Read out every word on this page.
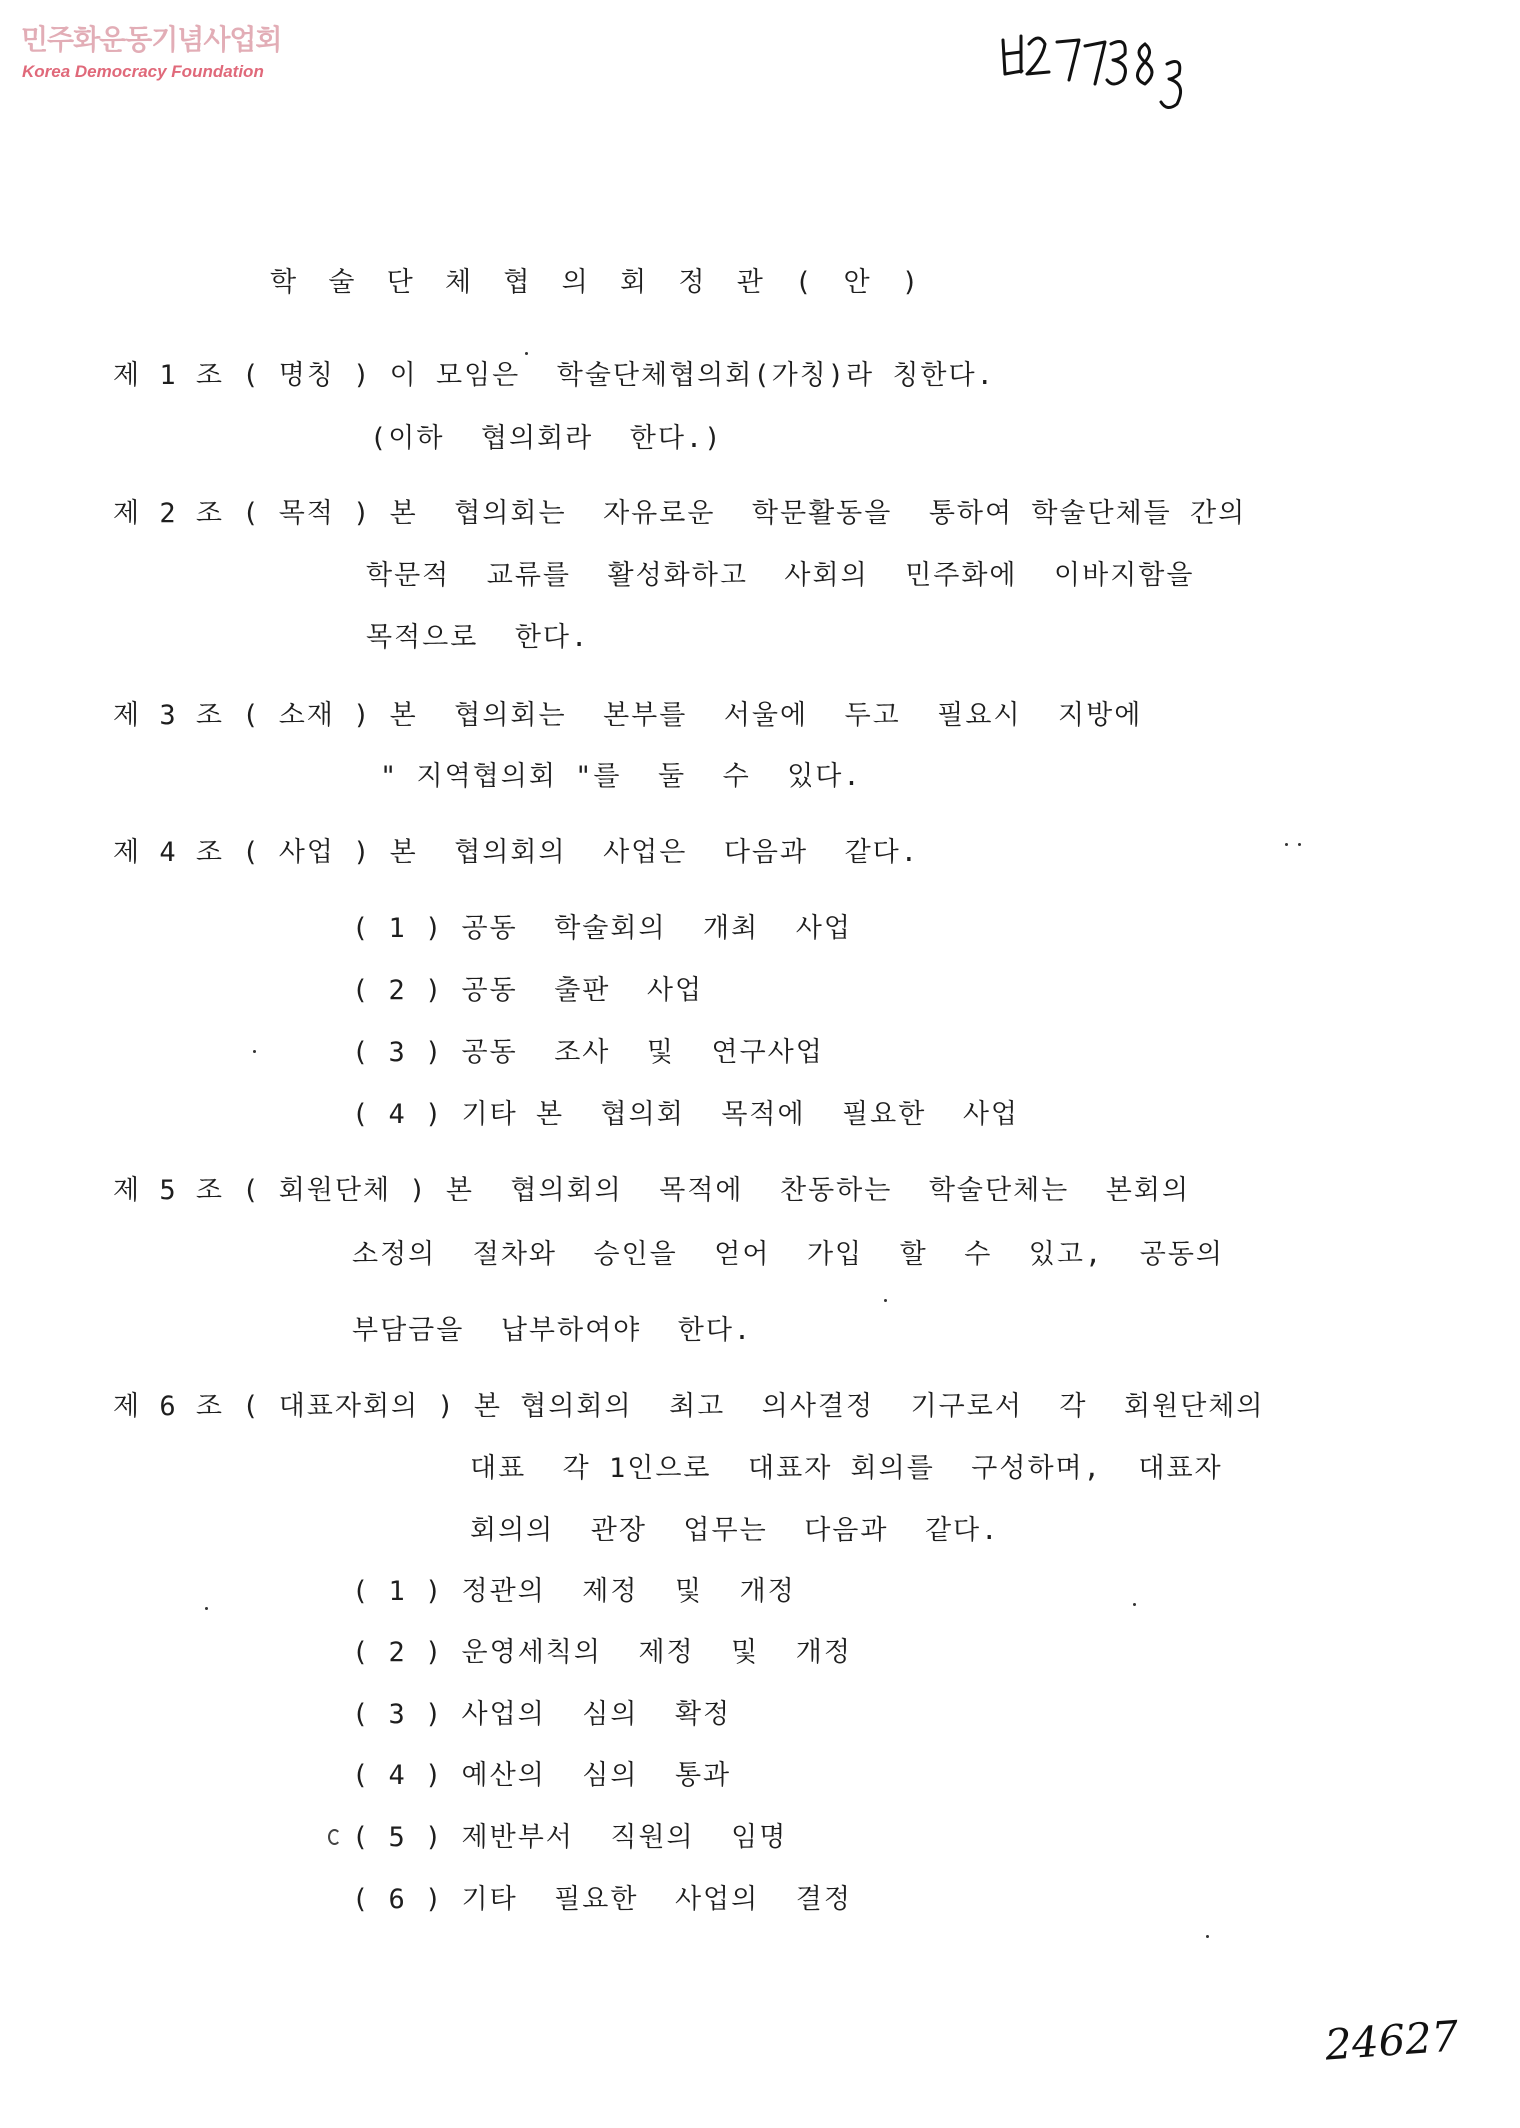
민주화운동기념사업회
Korea Democracy Foundation
학 술 단 체 협 의 회 정 관 ( 안 )
제 1 조 ( 명칭 ) 이 모임은  학술단체협의회(가칭)라 칭한다.
(이하  협의회라  한다.)
제 2 조 ( 목적 ) 본  협의회는  자유로운  학문활동을  통하여 학술단체들 간의
학문적  교류를  활성화하고  사회의  민주화에  이바지함을
목적으로  한다.
제 3 조 ( 소재 ) 본  협의회는  본부를  서울에  두고  필요시  지방에
" 지역협의회 "를  둘  수  있다.
제 4 조 ( 사업 ) 본  협의회의  사업은  다음과  같다.
( 1 ) 공동  학술회의  개최  사업
( 2 ) 공동  출판  사업
( 3 ) 공동  조사  및  연구사업
( 4 ) 기타 본  협의회  목적에  필요한  사업
제 5 조 ( 회원단체 ) 본  협의회의  목적에  찬동하는  학술단체는  본회의
소정의  절차와  승인을  얻어  가입  할  수  있고,  공동의
부담금을  납부하여야  한다.
제 6 조 ( 대표자회의 ) 본 협의회의  최고  의사결정  기구로서  각  회원단체의
대표  각 1인으로  대표자 회의를  구성하며,  대표자
회의의  관장  업무는  다음과  같다.
( 1 ) 정관의  제정  및  개정
( 2 ) 운영세칙의  제정  및  개정
( 3 ) 사업의  심의  확정
( 4 ) 예산의  심의  통과
( 5 ) 제반부서  직원의  임명
( 6 ) 기타  필요한  사업의  결정
24627
